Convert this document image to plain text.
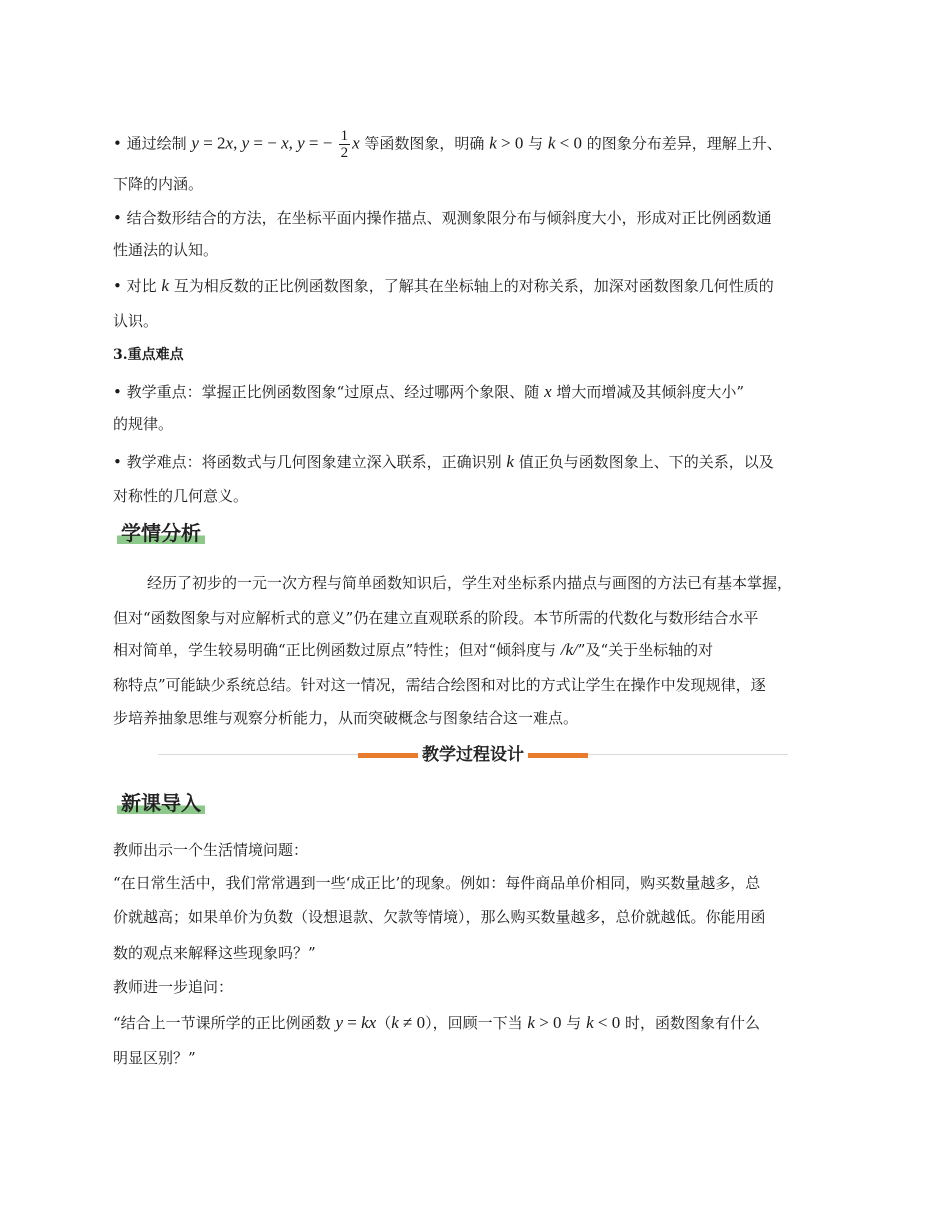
• 通过绘制 y = 2x, y = − x, y = − $\frac{1}{2}$ x 等函数图象，明确 k > 0 与 k < 0 的图象分布差异，理解上升、
下降的内涵。
• 结合数形结合的方法，在坐标平面内操作描点、观测象限分布与倾斜度大小，形成对正比例函数通
性通法的认知。
• 对比 k 互为相反数的正比例函数图象，了解其在坐标轴上的对称关系，加深对函数图象几何性质的
认识。
3.重点难点
• 教学重点：掌握正比例函数图象“过原点、经过哪两个象限、随 x 增大而增减及其倾斜度大小”
的规律。
• 教学难点：将函数式与几何图象建立深入联系，正确识别 k 值正负与函数图象上、下的关系，以及
对称性的几何意义。
学情分析
经历了初步的一元一次方程与简单函数知识后，学生对坐标系内描点与画图的方法已有基本掌握，
但对“函数图象与对应解析式的意义”仍在建立直观联系的阶段。本节所需的代数化与数形结合水平
相对简单，学生较易明确“正比例函数过原点”特性；但对“倾斜度与 /k/”及“关于坐标轴的对
称特点”可能缺少系统总结。针对这一情况，需结合绘图和对比的方式让学生在操作中发现规律，逐
步培养抽象思维与观察分析能力，从而突破概念与图象结合这一难点。
教学过程设计
新课导入
教师出示一个生活情境问题：
“在日常生活中，我们常常遇到一些‘成正比’的现象。例如：每件商品单价相同，购买数量越多，总
价就越高；如果单价为负数（设想退款、欠款等情境），那么购买数量越多，总价就越低。你能用函
数的观点来解释这些现象吗？”
教师进一步追问：
“结合上一节课所学的正比例函数 y = kx（k ≠ 0），回顾一下当 k > 0 与 k < 0 时，函数图象有什么
明显区别？”
